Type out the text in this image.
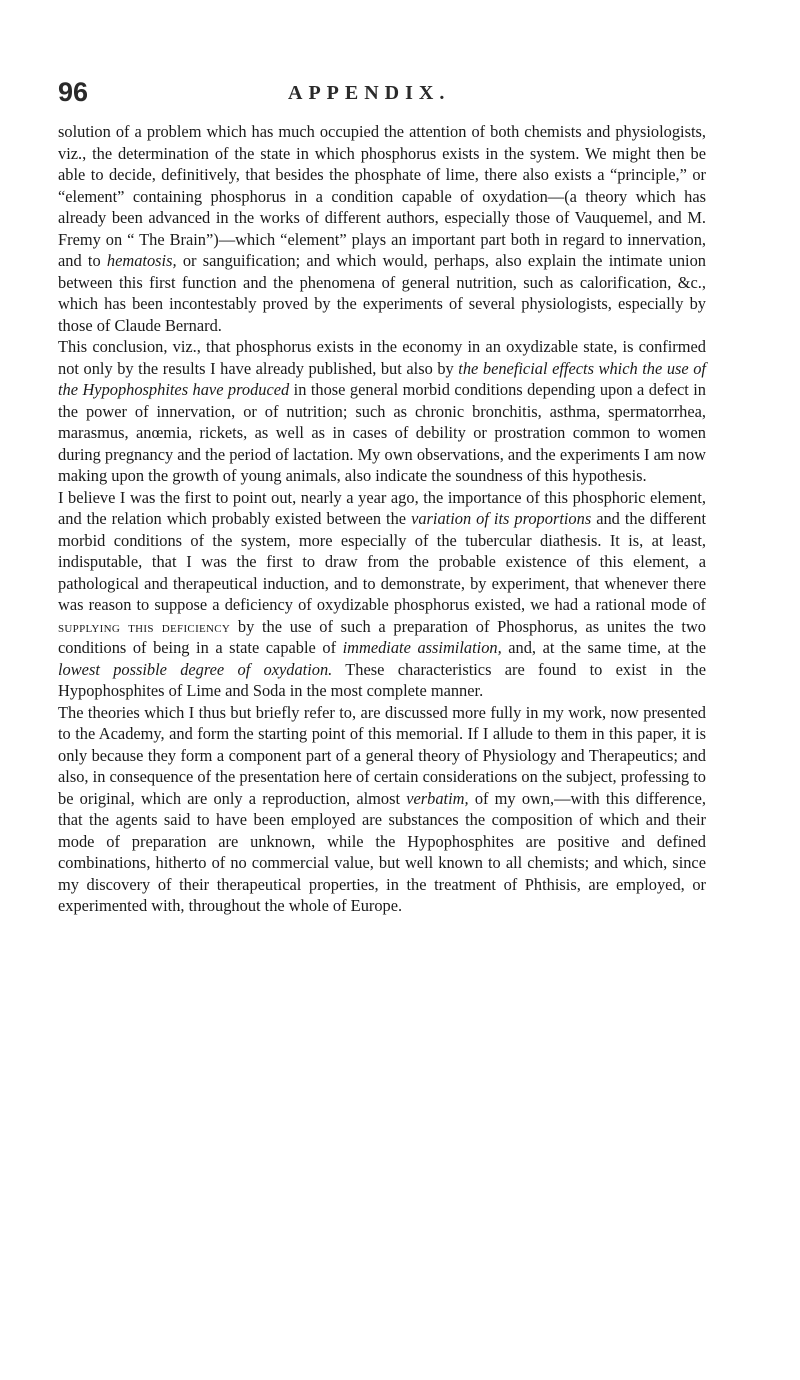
96	APPENDIX.

solution of a problem which has much occupied the attention of both chemists and physiologists, viz., the determination of the state in which phosphorus exists in the system. We might then be able to decide, definitively, that besides the phosphate of lime, there also exists a “principle,” or “element” containing phosphorus in a condition capable of oxydation—(a theory which has already been advanced in the works of different authors, especially those of Vauquemel, and M. Fremy on “ The Brain”)—which “element” plays an important part both in regard to innervation, and to hematosis, or sanguification; and which would, perhaps, also explain the intimate union between this first function and the phenomena of general nutrition, such as calorification, &c., which has been incontestably proved by the experiments of several physiologists, especially by those of Claude Bernard.

This conclusion, viz., that phosphorus exists in the economy in an oxydizable state, is confirmed not only by the results I have already published, but also by the beneficial effects which the use of the Hypophosphites have produced in those general morbid conditions depending upon a defect in the power of innervation, or of nutrition; such as chronic bronchitis, asthma, spermatorrhea, marasmus, anœmia, rickets, as well as in cases of debility or prostration common to women during pregnancy and the period of lactation. My own observations, and the experiments I am now making upon the growth of young animals, also indicate the soundness of this hypothesis.

I believe I was the first to point out, nearly a year ago, the importance of this phosphoric element, and the relation which probably existed between the variation of its proportions and the different morbid conditions of the system, more especially of the tubercular diathesis. It is, at least, indisputable, that I was the first to draw from the probable existence of this element, a pathological and therapeutical induction, and to demonstrate, by experiment, that whenever there was reason to suppose a deficiency of oxydizable phosphorus existed, we had a rational mode of supplying this deficiency by the use of such a preparation of Phosphorus, as unites the two conditions of being in a state capable of immediate assimilation, and, at the same time, at the lowest possible degree of oxydation. These characteristics are found to exist in the Hypophosphites of Lime and Soda in the most complete manner.

The theories which I thus but briefly refer to, are discussed more fully in my work, now presented to the Academy, and form the starting point of this memorial. If I allude to them in this paper, it is only because they form a component part of a general theory of Physiology and Therapeutics; and also, in consequence of the presentation here of certain considerations on the subject, professing to be original, which are only a reproduction, almost verbatim, of my own,—with this difference, that the agents said to have been employed are substances the composition of which and their mode of preparation are unknown, while the Hypophosphites are positive and defined combinations, hitherto of no commercial value, but well known to all chemists; and which, since my discovery of their therapeutical properties, in the treatment of Phthisis, are employed, or experimented with, throughout the whole of Europe.
